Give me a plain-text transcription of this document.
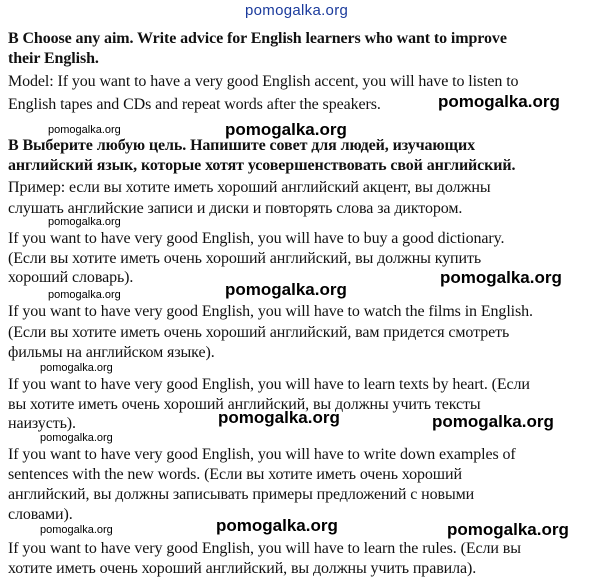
pomogalka.org
B Choose any aim. Write advice for English learners who want to improve
their English.
Model: If you want to have a very good English accent, you will have to listen to
English tapes and CDs and repeat words after the speakers.	pomogalka.org
pomogalka.org	pomogalka.org
В Выберите любую цель. Напишите совет для людей, изучающих
английский язык, которые хотят усовершенствовать свой английский.
Пример: если вы хотите иметь хороший английский акцент, вы должны
слушать английские записи и диски и повторять слова за диктором.
pomogalka.org
If you want to have very good English, you will have to buy a good dictionary.
(Если вы хотите иметь очень хороший английский, вы должны купить
хороший словарь).	pomogalka.org
pomogalka.org
pomogalka.org
If you want to have very good English, you will have to watch the films in English.
(Если вы хотите иметь очень хороший английский, вам придется смотреть
фильмы на английском языке).
pomogalka.org
If you want to have very good English, you will have to learn texts by heart. (Если
вы хотите иметь очень хороший английский, вы должны учить тексты
наизусть).	pomogalka.org	pomogalka.org
pomogalka.org
If you want to have very good English, you will have to write down examples of
sentences with the new words. (Если вы хотите иметь очень хороший
английский, вы должны записывать примеры предложений с новыми
словами).
pomogalka.org	pomogalka.org
pomogalka.org
If you want to have very good English, you will have to learn the rules. (Если вы
хотите иметь очень хороший английский, вы должны учить правила).
